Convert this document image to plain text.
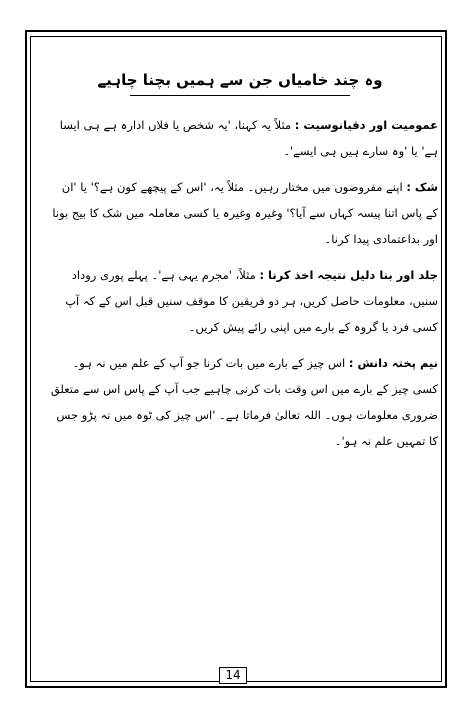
وہ چند خامیاں جن سے ہمیں بچنا چاہیے

عمومیت اور دقیانوسیت : مثلاً یہ کہنا، 'یہ شخص یا فلاں ادارہ ہے ہی ایسا ہے' یا 'وہ سارے ہیں ہی ایسے'۔

شک : اپنے مفروضوں میں مختار رہیں۔ مثلاً یہ، 'اس کے پیچھے کون ہے؟' یا 'ان کے پاس اتنا پیسہ کہاں سے آیا؟' وغیرہ وغیرہ یا کسی معاملہ میں شک کا بیج بونا اور بداعتمادی پیدا کرنا۔

جلد اور بنا دلیل نتیجہ اخذ کرنا : مثلاً، 'مجرم یہی ہے'۔ پہلے پوری روداد سنیں، معلومات حاصل کریں، ہر دو فریقین کا موقف سنیں قبل اس کے کہ آپ کسی فرد یا گروہ کے بارے میں اپنی رائے پیش کریں۔

نیم پختہ دانش : اس چیز کے بارے میں بات کرنا جو آپ کے علم میں نہ ہو۔ کسی چیز کے بارے میں اس وقت بات کرنی چاہیے جب آپ کے پاس اس سے متعلق ضروری معلومات ہوں۔ اللہ تعالیٰ فرماتا ہے۔ 'اس چیز کی ٹوہ میں نہ پڑو جس کا تمہیں علم نہ ہو'۔

14
